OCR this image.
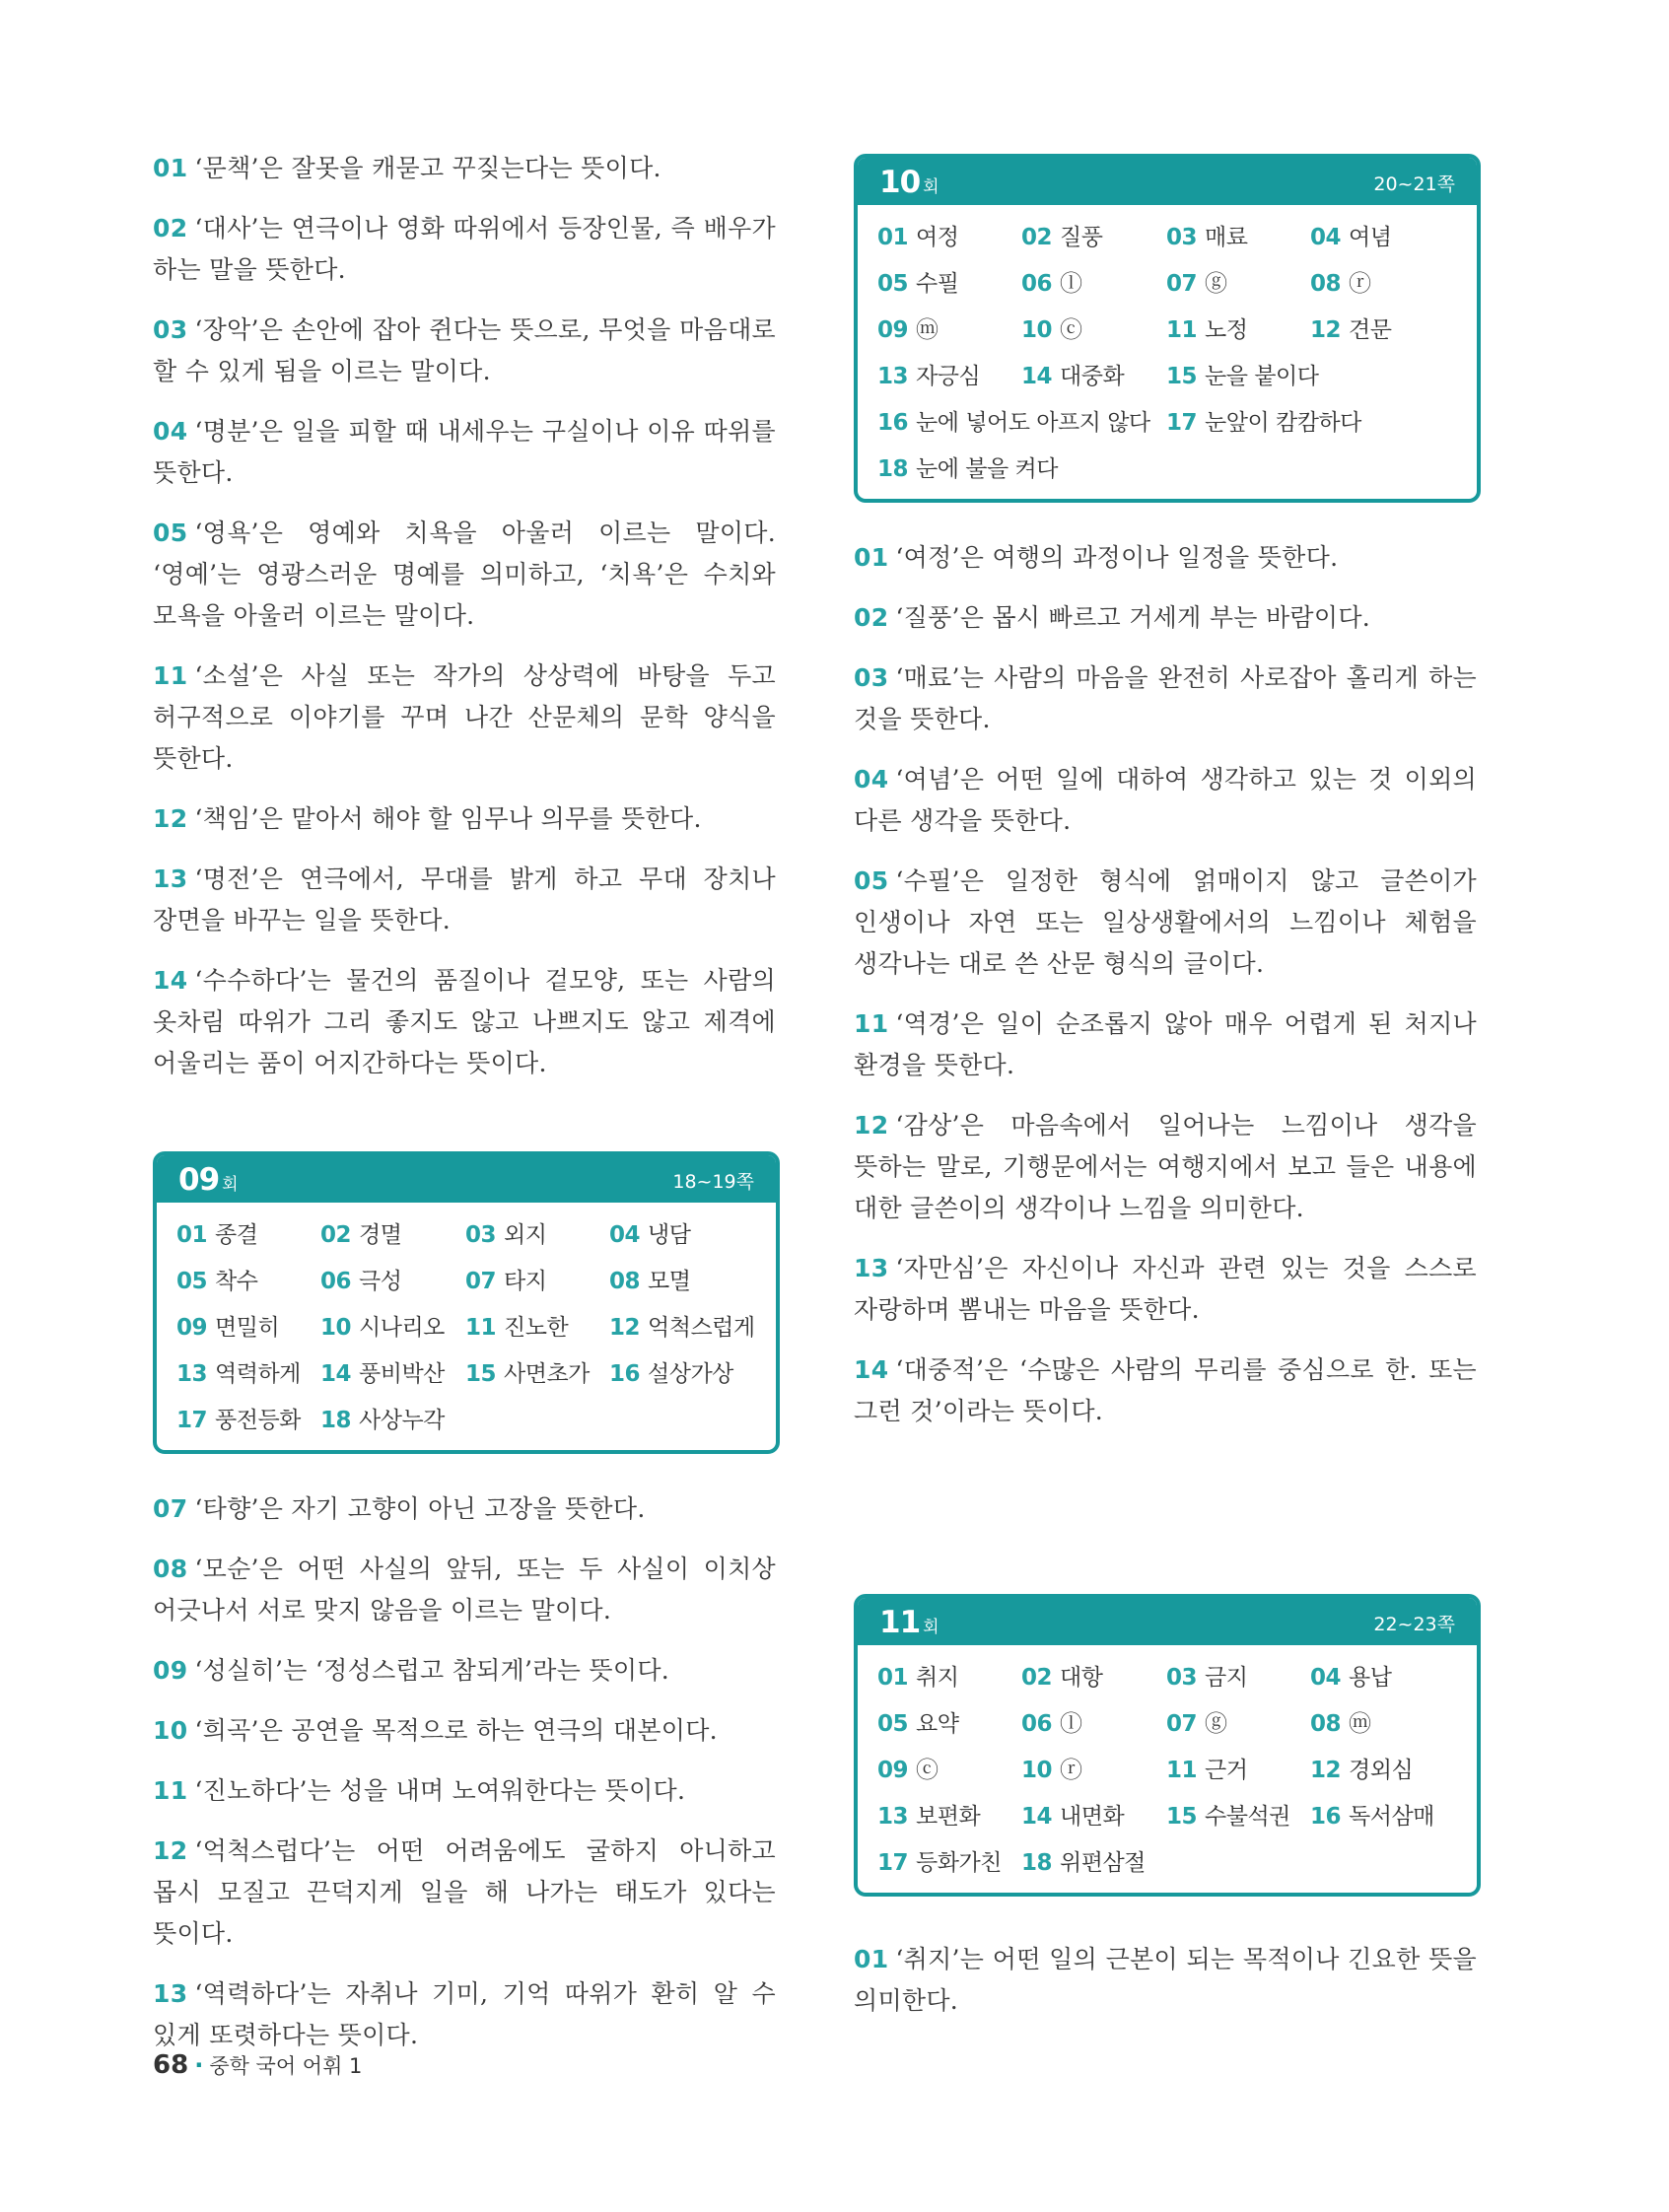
01 ‘문책’은 잘못을 캐묻고 꾸짖는다는 뜻이다.

02 ‘대사’는 연극이나 영화 따위에서 등장인물, 즉 배우가 하는 말을 뜻한다.

03 ‘장악’은 손안에 잡아 쥔다는 뜻으로, 무엇을 마음대로 할 수 있게 됨을 이르는 말이다.

04 ‘명분’은 일을 피할 때 내세우는 구실이나 이유 따위를 뜻한다.

05 ‘영욕’은 영예와 치욕을 아울러 이르는 말이다. ‘영예’는 영광스러운 명예를 의미하고, ‘치욕’은 수치와 모욕을 아울러 이르는 말이다.

11 ‘소설’은 사실 또는 작가의 상상력에 바탕을 두고 허구적으로 이야기를 꾸며 나간 산문체의 문학 양식을 뜻한다.

12 ‘책임’은 맡아서 해야 할 임무나 의무를 뜻한다.

13 ‘명전’은 연극에서, 무대를 밝게 하고 무대 장치나 장면을 바꾸는 일을 뜻한다.

14 ‘수수하다’는 물건의 품질이나 겉모양, 또는 사람의 옷차림 따위가 그리 좋지도 않고 나쁘지도 않고 제격에 어울리는 품이 어지간하다는 뜻이다.

09 회	18~19쪽
01 종결	02 경멸	03 외지	04 냉담
05 착수	06 극성	07 타지	08 모멸
09 면밀히	10 시나리오 11 진노한	12 억척스럽게
13 역력하게 14 풍비박산 15 사면초가 16 설상가상
17 풍전등화 18 사상누각

07 ‘타향’은 자기 고향이 아닌 고장을 뜻한다.

08 ‘모순’은 어떤 사실의 앞뒤, 또는 두 사실이 이치상 어긋나서 서로 맞지 않음을 이르는 말이다.

09 ‘성실히’는 ‘정성스럽고 참되게’라는 뜻이다.

10 ‘희곡’은 공연을 목적으로 하는 연극의 대본이다.

11 ‘진노하다’는 성을 내며 노여워한다는 뜻이다.

12 ‘억척스럽다’는 어떤 어려움에도 굴하지 아니하고 몹시 모질고 끈덕지게 일을 해 나가는 태도가 있다는 뜻이다.

13 ‘역력하다’는 자취나 기미, 기억 따위가 환히 알 수 있게 또렷하다는 뜻이다.

10 회	20~21쪽
01 여정	02 질풍	03 매료	04 여념
05 수필	06 ⓛ	07 ⓖ	08 ⓡ
09 ⓜ	10 ⓒ	11 노정	12 견문
13 자긍심	14 대중화	15 눈을 붙이다
16 눈에 넣어도 아프지 않다 17 눈앞이 캄캄하다
18 눈에 불을 켜다

01 ‘여정’은 여행의 과정이나 일정을 뜻한다.

02 ‘질풍’은 몹시 빠르고 거세게 부는 바람이다.

03 ‘매료’는 사람의 마음을 완전히 사로잡아 홀리게 하는 것을 뜻한다.

04 ‘여념’은 어떤 일에 대하여 생각하고 있는 것 이외의 다른 생각을 뜻한다.

05 ‘수필’은 일정한 형식에 얽매이지 않고 글쓴이가 인생이나 자연 또는 일상생활에서의 느낌이나 체험을 생각나는 대로 쓴 산문 형식의 글이다.

11 ‘역경’은 일이 순조롭지 않아 매우 어렵게 된 처지나 환경을 뜻한다.

12 ‘감상’은 마음속에서 일어나는 느낌이나 생각을 뜻하는 말로, 기행문에서는 여행지에서 보고 들은 내용에 대한 글쓴이의 생각이나 느낌을 의미한다.

13 ‘자만심’은 자신이나 자신과 관련 있는 것을 스스로 자랑하며 뽐내는 마음을 뜻한다.

14 ‘대중적’은 ‘수많은 사람의 무리를 중심으로 한. 또는 그런 것’이라는 뜻이다.

11 회	22~23쪽
01 취지	02 대항	03 금지	04 용납
05 요약	06 ⓛ	07 ⓖ	08 ⓜ
09 ⓒ	10 ⓡ	11 근거	12 경외심
13 보편화	14 내면화	15 수불석권 16 독서삼매
17 등화가친 18 위편삼절

01 ‘취지’는 어떤 일의 근본이 되는 목적이나 긴요한 뜻을 의미한다.

68 · 중학 국어 어휘 1
